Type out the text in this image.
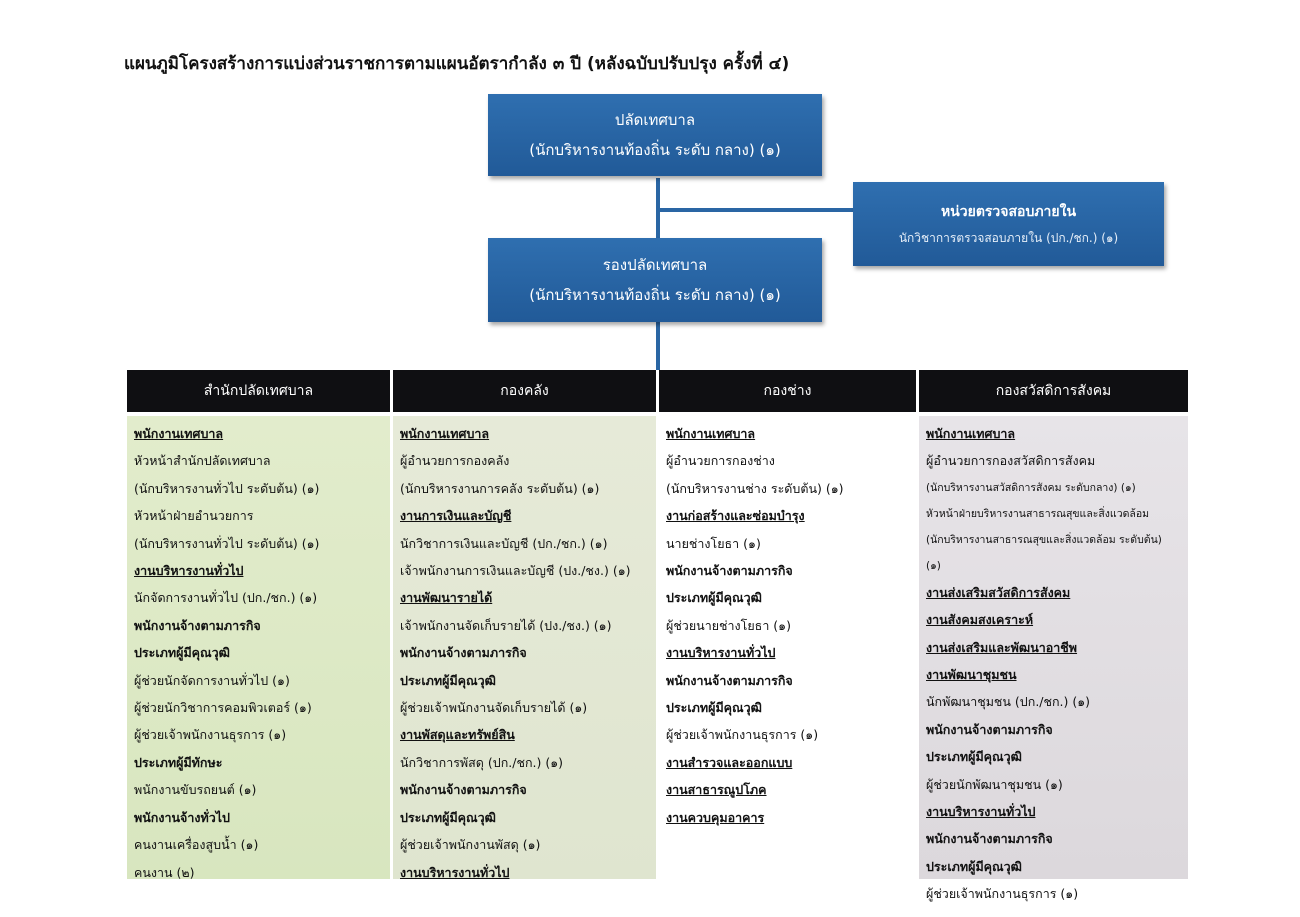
แผนภูมิโครงสร้างการแบ่งส่วนราชการตามแผนอัตรากำลัง ๓ ปี (หลังฉบับปรับปรุง ครั้งที่ ๔)
ปลัดเทศบาล
(นักบริหารงานท้องถิ่น ระดับ กลาง) (๑)
หน่วยตรวจสอบภายใน
นักวิชาการตรวจสอบภายใน (ปก./ชก.) (๑)
รองปลัดเทศบาล
(นักบริหารงานท้องถิ่น ระดับ กลาง) (๑)
สำนักปลัดเทศบาล	กองคลัง	กองช่าง	กองสวัสดิการสังคม
พนักงานเทศบาล
หัวหน้าสำนักปลัดเทศบาล
(นักบริหารงานทั่วไป ระดับต้น) (๑)
หัวหน้าฝ่ายอำนวยการ
(นักบริหารงานทั่วไป ระดับต้น) (๑)
งานบริหารงานทั่วไป
นักจัดการงานทั่วไป (ปก./ชก.) (๑)
พนักงานจ้างตามภารกิจ
ประเภทผู้มีคุณวุฒิ
ผู้ช่วยนักจัดการงานทั่วไป (๑)
ผู้ช่วยนักวิชาการคอมพิวเตอร์ (๑)
ผู้ช่วยเจ้าพนักงานธุรการ (๑)
ประเภทผู้มีทักษะ
พนักงานขับรถยนต์ (๑)
พนักงานจ้างทั่วไป
คนงานเครื่องสูบน้ำ (๑)
คนงาน (๒)
พนักงานเทศบาล
ผู้อำนวยการกองคลัง
(นักบริหารงานการคลัง ระดับต้น) (๑)
งานการเงินและบัญชี
นักวิชาการเงินและบัญชี (ปก./ชก.) (๑)
เจ้าพนักงานการเงินและบัญชี (ปง./ชง.) (๑)
งานพัฒนารายได้
เจ้าพนักงานจัดเก็บรายได้ (ปง./ชง.) (๑)
พนักงานจ้างตามภารกิจ
ประเภทผู้มีคุณวุฒิ
ผู้ช่วยเจ้าพนักงานจัดเก็บรายได้ (๑)
งานพัสดุและทรัพย์สิน
นักวิชาการพัสดุ (ปก./ชก.) (๑)
พนักงานจ้างตามภารกิจ
ประเภทผู้มีคุณวุฒิ
ผู้ช่วยเจ้าพนักงานพัสดุ (๑)
งานบริหารงานทั่วไป
พนักงานเทศบาล
ผู้อำนวยการกองช่าง
(นักบริหารงานช่าง ระดับต้น) (๑)
งานก่อสร้างและซ่อมบำรุง
นายช่างโยธา (๑)
พนักงานจ้างตามภารกิจ
ประเภทผู้มีคุณวุฒิ
ผู้ช่วยนายช่างโยธา (๑)
งานบริหารงานทั่วไป
พนักงานจ้างตามภารกิจ
ประเภทผู้มีคุณวุฒิ
ผู้ช่วยเจ้าพนักงานธุรการ (๑)
งานสำรวจและออกแบบ
งานสาธารณูปโภค
งานควบคุมอาคาร
พนักงานเทศบาล
ผู้อำนวยการกองสวัสดิการสังคม
(นักบริหารงานสวัสดิการสังคม ระดับกลาง) (๑)
หัวหน้าฝ่ายบริหารงานสาธารณสุขและสิ่งแวดล้อม
(นักบริหารงานสาธารณสุขและสิ่งแวดล้อม ระดับต้น)
(๑)
งานส่งเสริมสวัสดิการสังคม
งานสังคมสงเคราะห์
งานส่งเสริมและพัฒนาอาชีพ
งานพัฒนาชุมชน
นักพัฒนาชุมชน (ปก./ชก.) (๑)
พนักงานจ้างตามภารกิจ
ประเภทผู้มีคุณวุฒิ
ผู้ช่วยนักพัฒนาชุมชน (๑)
งานบริหารงานทั่วไป
พนักงานจ้างตามภารกิจ
ประเภทผู้มีคุณวุฒิ
ผู้ช่วยเจ้าพนักงานธุรการ (๑)
